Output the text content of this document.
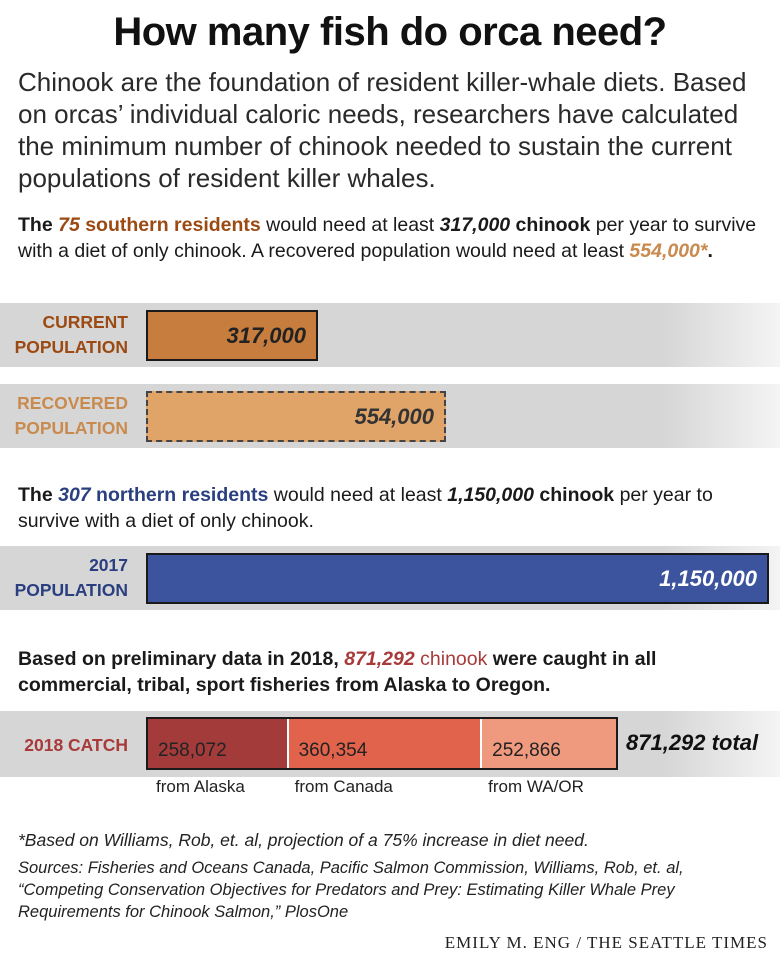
How many fish do orca need?
Chinook are the foundation of resident killer-whale diets. Based on orcas’ individual caloric needs, researchers have calculated the minimum number of chinook needed to sustain the current populations of resident killer whales.
The 75 southern residents would need at least 317,000 chinook per year to survive with a diet of only chinook. A recovered population would need at least 554,000*.
CURRENT
POPULATION	317,000
RECOVERED
POPULATION	554,000
The 307 northern residents would need at least 1,150,000 chinook per year to survive with a diet of only chinook.
2017
POPULATION	1,150,000
Based on preliminary data in 2018, 871,292 chinook were caught in all commercial, tribal, sport fisheries from Alaska to Oregon.
2018 CATCH 258,072	360,354	252,866	871,292 total
from Alaska	from Canada	from WA/OR
*Based on Williams, Rob, et. al, projection of a 75% increase in diet need.
Sources: Fisheries and Oceans Canada, Pacific Salmon Commission, Williams, Rob, et. al, “Competing Conservation Objectives for Predators and Prey: Estimating Killer Whale Prey Requirements for Chinook Salmon,” PlosOne
EMILY M. ENG / THE SEATTLE TIMES
